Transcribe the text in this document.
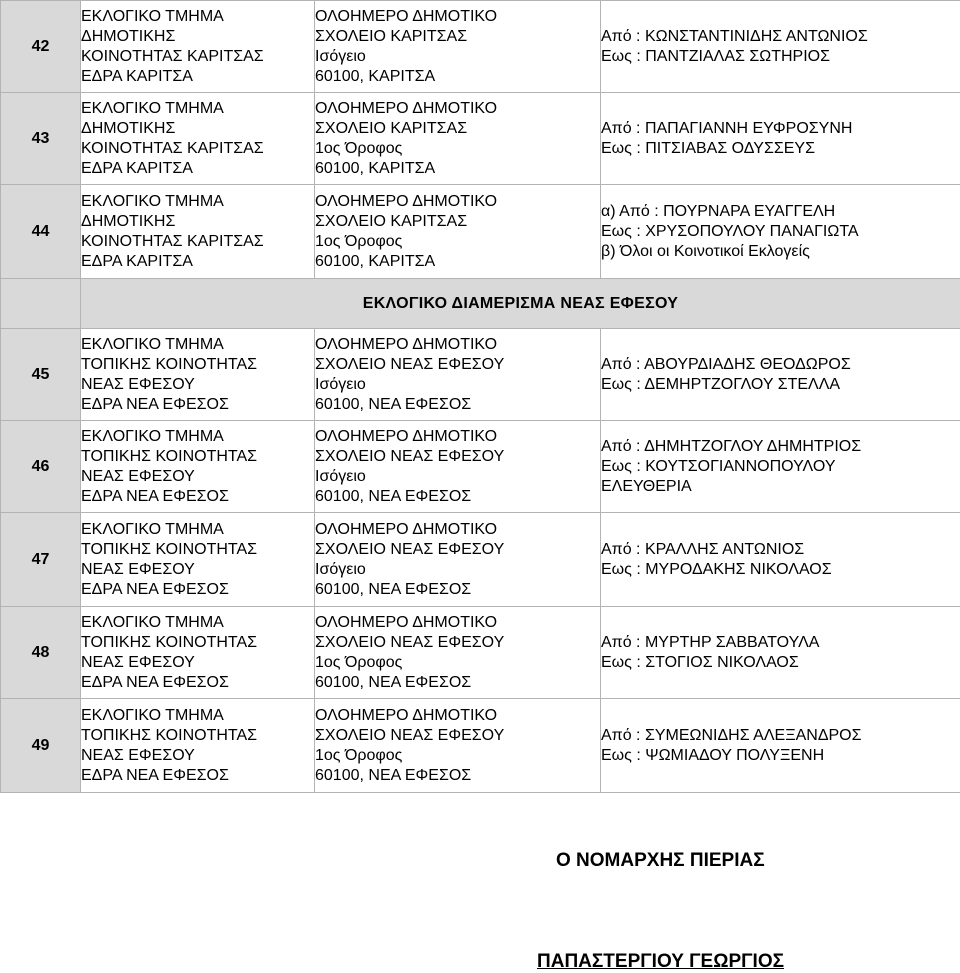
42	ΕΚΛΟΓΙΚΟ ΤΜΗΜΑ
ΔΗΜΟΤΙΚΗΣ
ΚΟΙΝΟΤΗΤΑΣ ΚΑΡΙΤΣΑΣ
ΕΔΡΑ ΚΑΡΙΤΣΑ	ΟΛΟΗΜΕΡΟ ΔΗΜΟΤΙΚΟ
ΣΧΟΛΕΙΟ ΚΑΡΙΤΣΑΣ
Ισόγειο
60100, ΚΑΡΙΤΣΑ	Από : ΚΩΝΣΤΑΝΤΙΝΙΔΗΣ ΑΝΤΩΝΙΟΣ
Εως : ΠΑΝΤΖΙΑΛΑΣ ΣΩΤΗΡΙΟΣ

43	ΕΚΛΟΓΙΚΟ ΤΜΗΜΑ
ΔΗΜΟΤΙΚΗΣ
ΚΟΙΝΟΤΗΤΑΣ ΚΑΡΙΤΣΑΣ
ΕΔΡΑ ΚΑΡΙΤΣΑ	ΟΛΟΗΜΕΡΟ ΔΗΜΟΤΙΚΟ
ΣΧΟΛΕΙΟ ΚΑΡΙΤΣΑΣ
1ος Όροφος
60100, ΚΑΡΙΤΣΑ	Από : ΠΑΠΑΓΙΑΝΝΗ ΕΥΦΡΟΣΥΝΗ
Εως : ΠΙΤΣΙΑΒΑΣ ΟΔΥΣΣΕΥΣ

44	ΕΚΛΟΓΙΚΟ ΤΜΗΜΑ
ΔΗΜΟΤΙΚΗΣ
ΚΟΙΝΟΤΗΤΑΣ ΚΑΡΙΤΣΑΣ
ΕΔΡΑ ΚΑΡΙΤΣΑ	ΟΛΟΗΜΕΡΟ ΔΗΜΟΤΙΚΟ
ΣΧΟΛΕΙΟ ΚΑΡΙΤΣΑΣ
1ος Όροφος
60100, ΚΑΡΙΤΣΑ	α) Από : ΠΟΥΡΝΑΡΑ ΕΥΑΓΓΕΛΗ
Εως : ΧΡΥΣΟΠΟΥΛΟΥ ΠΑΝΑΓΙΩΤΑ
β) Όλοι οι Κοινοτικοί Εκλογείς

	ΕΚΛΟΓΙΚΟ ΔΙΑΜΕΡΙΣΜΑ ΝΕΑΣ ΕΦΕΣΟΥ		
45	ΕΚΛΟΓΙΚΟ ΤΜΗΜΑ
ΤΟΠΙΚΗΣ ΚΟΙΝΟΤΗΤΑΣ
ΝΕΑΣ ΕΦΕΣΟΥ
ΕΔΡΑ ΝΕΑ ΕΦΕΣΟΣ	ΟΛΟΗΜΕΡΟ ΔΗΜΟΤΙΚΟ
ΣΧΟΛΕΙΟ ΝΕΑΣ ΕΦΕΣΟΥ
Ισόγειο
60100, ΝΕΑ ΕΦΕΣΟΣ	Από : ΑΒΟΥΡΔΙΑΔΗΣ ΘΕΟΔΩΡΟΣ
Εως : ΔΕΜΗΡΤΖΟΓΛΟΥ ΣΤΕΛΛΑ

46	ΕΚΛΟΓΙΚΟ ΤΜΗΜΑ
ΤΟΠΙΚΗΣ ΚΟΙΝΟΤΗΤΑΣ
ΝΕΑΣ ΕΦΕΣΟΥ
ΕΔΡΑ ΝΕΑ ΕΦΕΣΟΣ	ΟΛΟΗΜΕΡΟ ΔΗΜΟΤΙΚΟ
ΣΧΟΛΕΙΟ ΝΕΑΣ ΕΦΕΣΟΥ
Ισόγειο
60100, ΝΕΑ ΕΦΕΣΟΣ	Από : ΔΗΜΗΤΖΟΓΛΟΥ ΔΗΜΗΤΡΙΟΣ
Εως : ΚΟΥΤΣΟΓΙΑΝΝΟΠΟΥΛΟΥ
ΕΛΕΥΘΕΡΙΑ

47	ΕΚΛΟΓΙΚΟ ΤΜΗΜΑ
ΤΟΠΙΚΗΣ ΚΟΙΝΟΤΗΤΑΣ
ΝΕΑΣ ΕΦΕΣΟΥ
ΕΔΡΑ ΝΕΑ ΕΦΕΣΟΣ	ΟΛΟΗΜΕΡΟ ΔΗΜΟΤΙΚΟ
ΣΧΟΛΕΙΟ ΝΕΑΣ ΕΦΕΣΟΥ
Ισόγειο
60100, ΝΕΑ ΕΦΕΣΟΣ	Από : ΚΡΑΛΛΗΣ ΑΝΤΩΝΙΟΣ
Εως : ΜΥΡΟΔΑΚΗΣ ΝΙΚΟΛΑΟΣ

48	ΕΚΛΟΓΙΚΟ ΤΜΗΜΑ
ΤΟΠΙΚΗΣ ΚΟΙΝΟΤΗΤΑΣ
ΝΕΑΣ ΕΦΕΣΟΥ
ΕΔΡΑ ΝΕΑ ΕΦΕΣΟΣ	ΟΛΟΗΜΕΡΟ ΔΗΜΟΤΙΚΟ
ΣΧΟΛΕΙΟ ΝΕΑΣ ΕΦΕΣΟΥ
1ος Όροφος
60100, ΝΕΑ ΕΦΕΣΟΣ	Από : ΜΥΡΤΗΡ ΣΑΒΒΑΤΟΥΛΑ
Εως : ΣΤΟΓΙΟΣ ΝΙΚΟΛΑΟΣ

49	ΕΚΛΟΓΙΚΟ ΤΜΗΜΑ
ΤΟΠΙΚΗΣ ΚΟΙΝΟΤΗΤΑΣ
ΝΕΑΣ ΕΦΕΣΟΥ
ΕΔΡΑ ΝΕΑ ΕΦΕΣΟΣ	ΟΛΟΗΜΕΡΟ ΔΗΜΟΤΙΚΟ
ΣΧΟΛΕΙΟ ΝΕΑΣ ΕΦΕΣΟΥ
1ος Όροφος
60100, ΝΕΑ ΕΦΕΣΟΣ	Από : ΣΥΜΕΩΝΙΔΗΣ ΑΛΕΞΑΝΔΡΟΣ
Εως : ΨΩΜΙΑΔΟΥ ΠΟΛΥΞΕΝΗ
Ο ΝΟΜΑΡΧΗΣ ΠΙΕΡΙΑΣ
ΠΑΠΑΣΤΕΡΓΙΟΥ ΓΕΩΡΓΙΟΣ
